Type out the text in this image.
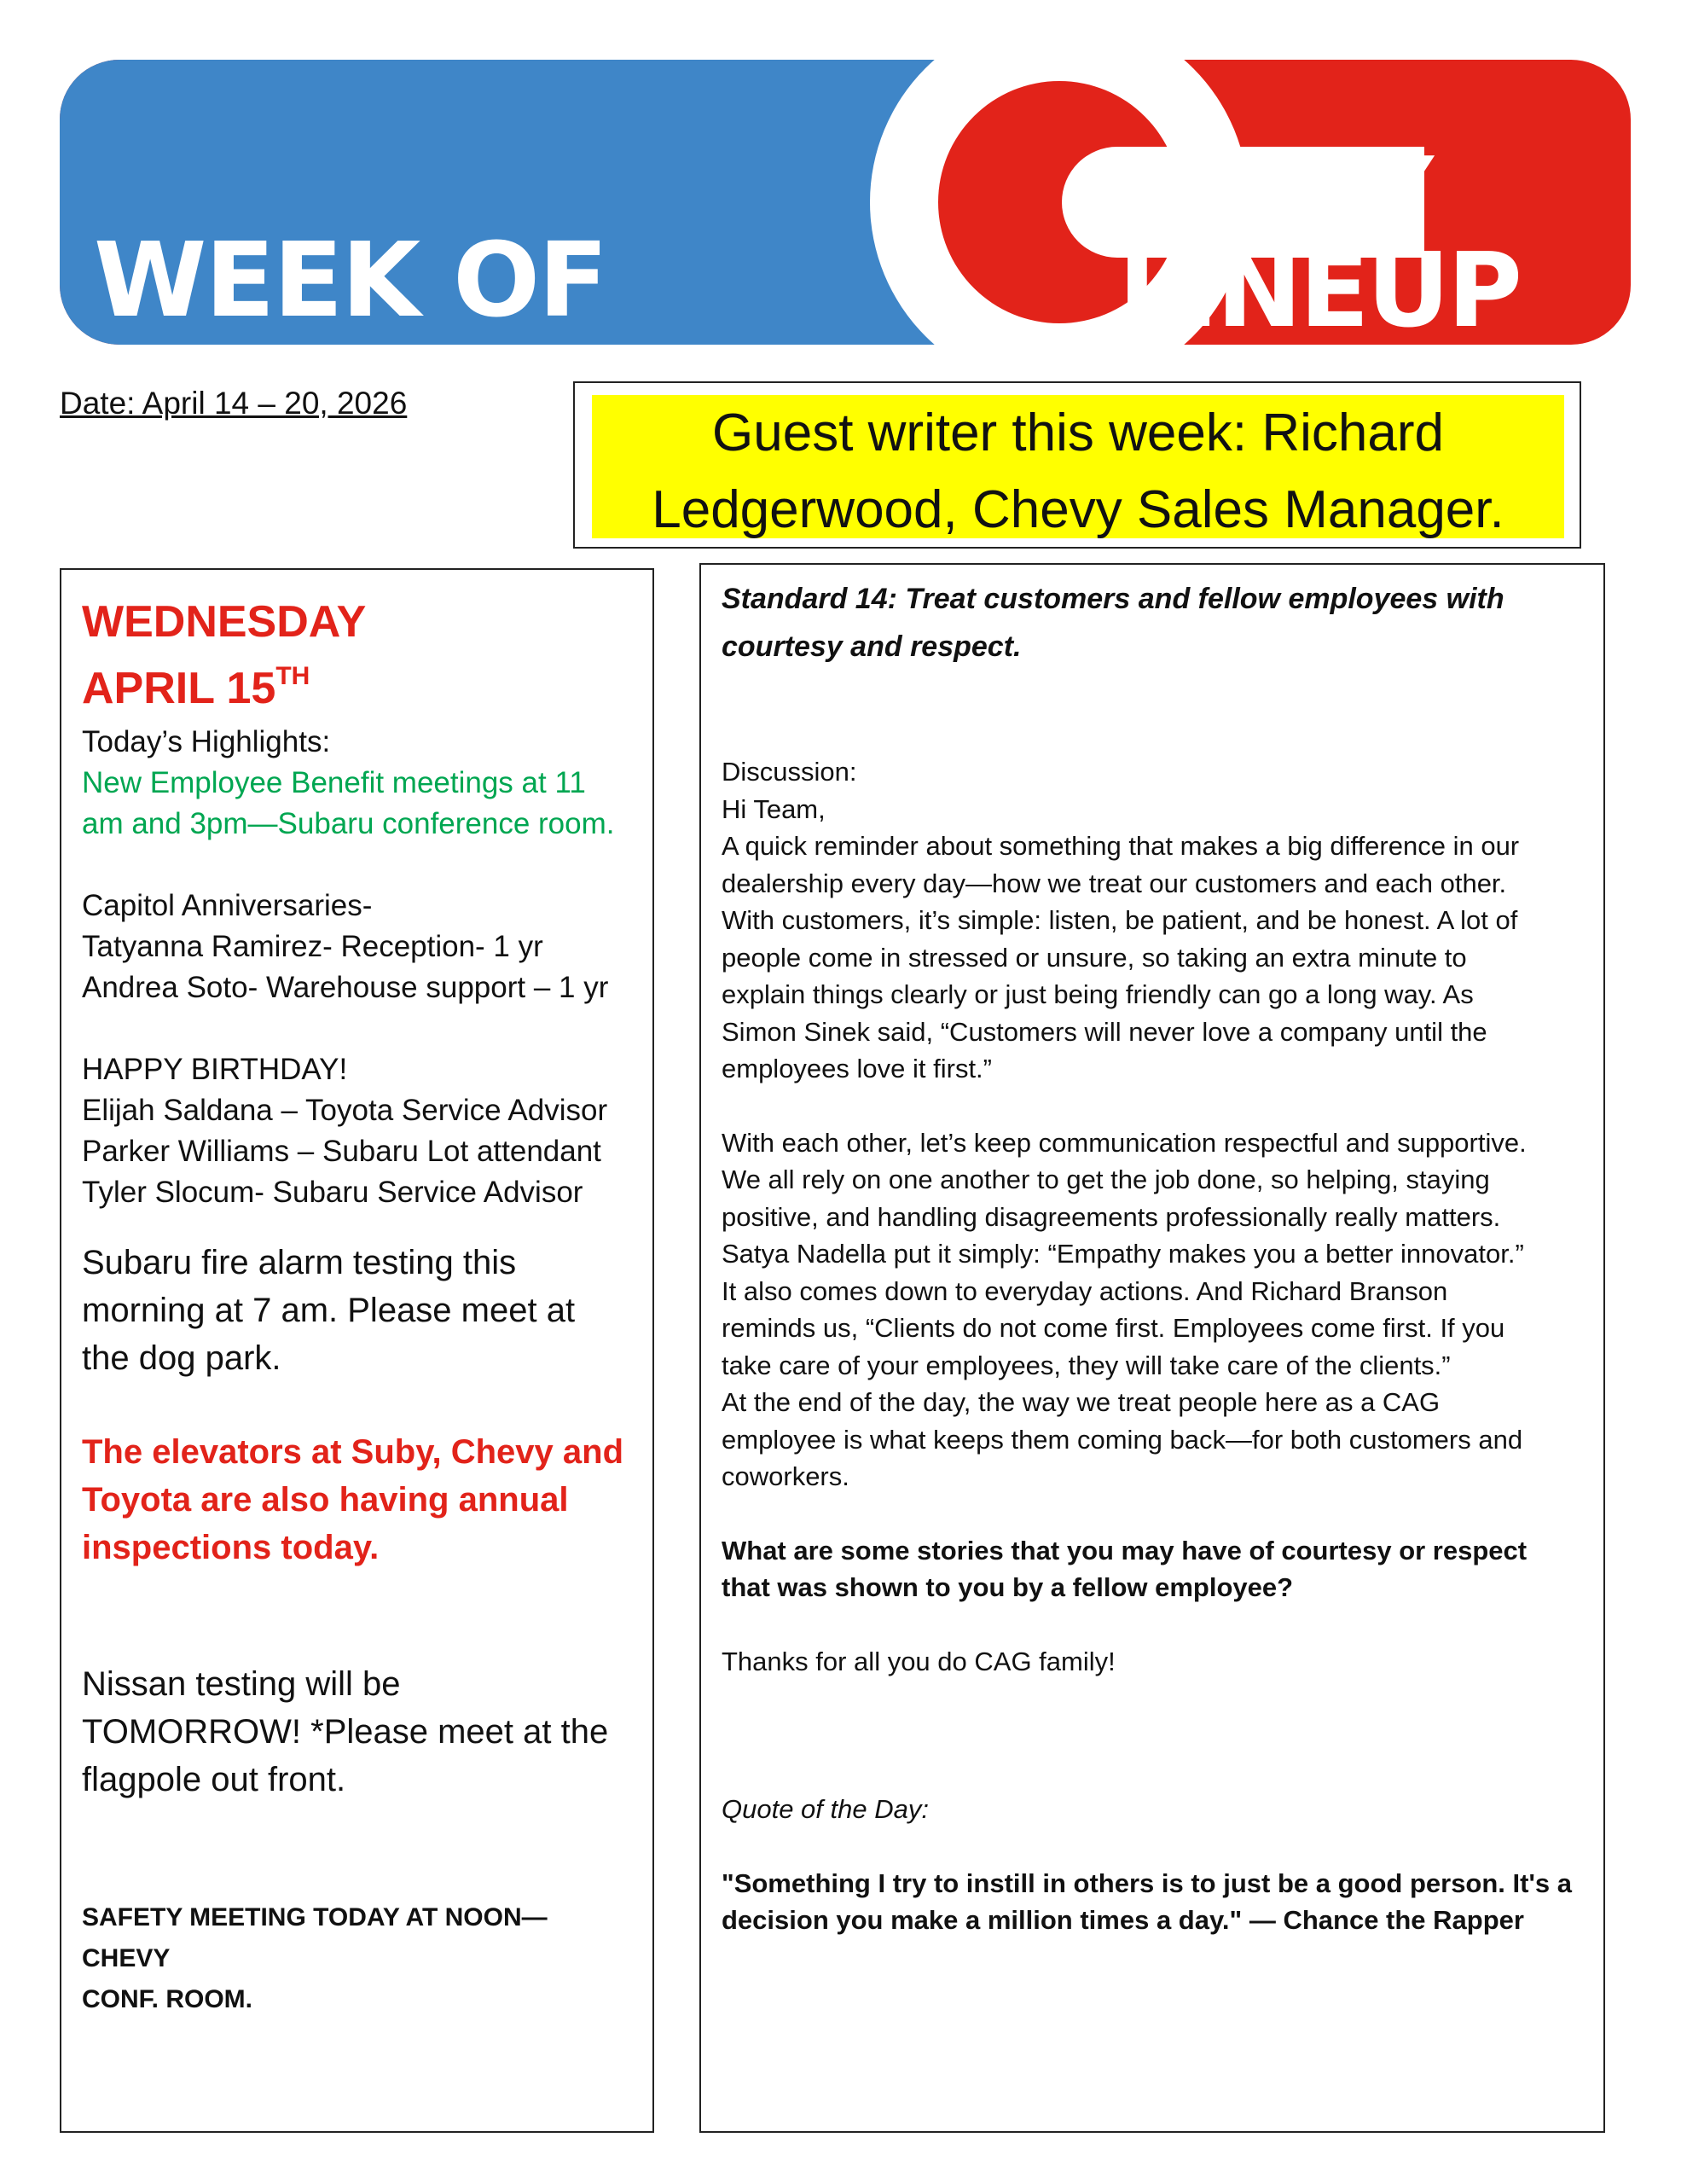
WEEK OF
DAILY
LINEUP
Date: April 14 – 20, 2026
Guest writer this week: Richard
Ledgerwood, Chevy Sales Manager.
WEDNESDAY
APRIL 15TH

Today’s Highlights:

New Employee Benefit meetings at 11

am and 3pm—Subaru conference room.

Capitol Anniversaries-

Tatyanna Ramirez- Reception- 1 yr

Andrea Soto- Warehouse support – 1 yr

HAPPY BIRTHDAY!

Elijah Saldana – Toyota Service Advisor

Parker Williams – Subaru Lot attendant

Tyler Slocum- Subaru Service Advisor

Subaru fire alarm testing this

morning at 7 am. Please meet at

the dog park.

The elevators at Suby, Chevy and

Toyota are also having annual

inspections today.

Nissan testing will be

TOMORROW! *Please meet at the

flagpole out front.

SAFETY MEETING TODAY AT NOON—CHEVY

CONF. ROOM.

Standard 14: Treat customers and fellow employees with

courtesy and respect.

Discussion:

Hi Team,

A quick reminder about something that makes a big difference in our

dealership every day—how we treat our customers and each other.

With customers, it’s simple: listen, be patient, and be honest. A lot of

people come in stressed or unsure, so taking an extra minute to

explain things clearly or just being friendly can go a long way. As

Simon Sinek said, “Customers will never love a company until the

employees love it first.”

With each other, let’s keep communication respectful and supportive.

We all rely on one another to get the job done, so helping, staying

positive, and handling disagreements professionally really matters.

Satya Nadella put it simply: “Empathy makes you a better innovator.”

It also comes down to everyday actions. And Richard Branson

reminds us, “Clients do not come first. Employees come first. If you

take care of your employees, they will take care of the clients.”

At the end of the day, the way we treat people here as a CAG

employee is what keeps them coming back—for both customers and

coworkers.

What are some stories that you may have of courtesy or respect

that was shown to you by a fellow employee?

Thanks for all you do CAG family!

Quote of the Day:

"Something I try to instill in others is to just be a good person. It's a

decision you make a million times a day." — Chance the Rapper
